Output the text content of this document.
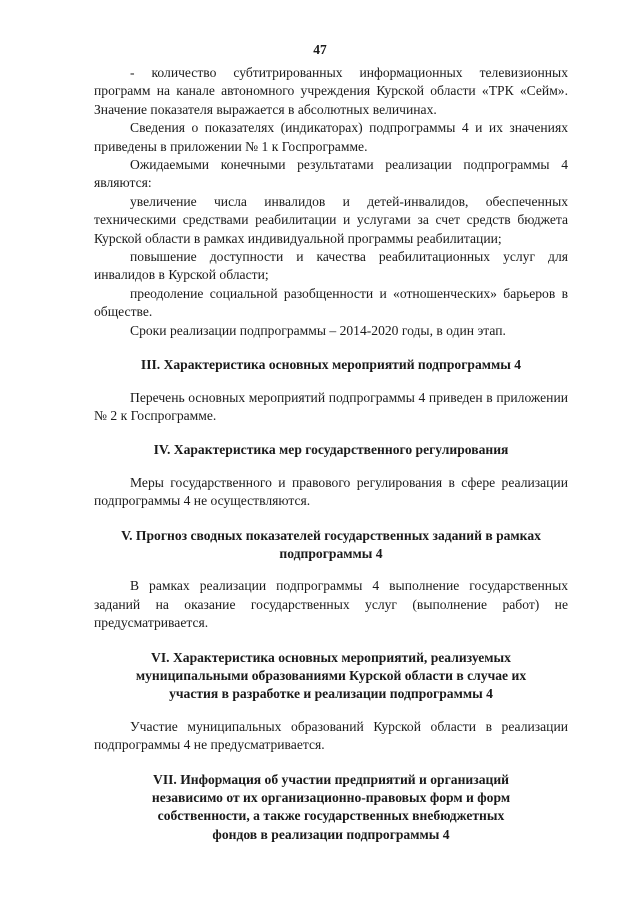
47

- количество субтитрированных информационных телевизионных программ на канале автономного учреждения Курской области «ТРК «Сейм». Значение показателя выражается в абсолютных величинах.

Сведения о показателях (индикаторах) подпрограммы 4 и их значениях приведены в приложении № 1 к Госпрограмме.

Ожидаемыми конечными результатами реализации подпрограммы 4 являются:

увеличение числа инвалидов и детей-инвалидов, обеспеченных техническими средствами реабилитации и услугами за счет средств бюджета Курской области в рамках индивидуальной программы реабилитации;

повышение доступности и качества реабилитационных услуг для инвалидов в Курской области;

преодоление социальной разобщенности и «отношенческих» барьеров в обществе.

Сроки реализации подпрограммы – 2014-2020 годы, в один этап.

III. Характеристика основных мероприятий подпрограммы 4

Перечень основных мероприятий подпрограммы 4 приведен в приложении № 2 к Госпрограмме.

IV. Характеристика мер государственного регулирования

Меры государственного и правового регулирования в сфере реализации подпрограммы 4 не осуществляются.

V. Прогноз сводных показателей государственных заданий в рамках

подпрограммы 4

В рамках реализации подпрограммы 4 выполнение государственных заданий на оказание государственных услуг (выполнение работ) не предусматривается.

VI. Характеристика основных мероприятий, реализуемых

муниципальными образованиями Курской области в случае их

участия в разработке и реализации подпрограммы 4

Участие муниципальных образований Курской области в реализации подпрограммы 4 не предусматривается.

VII. Информация об участии предприятий и организаций

независимо от их организационно-правовых форм и форм

собственности, а также государственных внебюджетных

фондов в реализации подпрограммы 4
